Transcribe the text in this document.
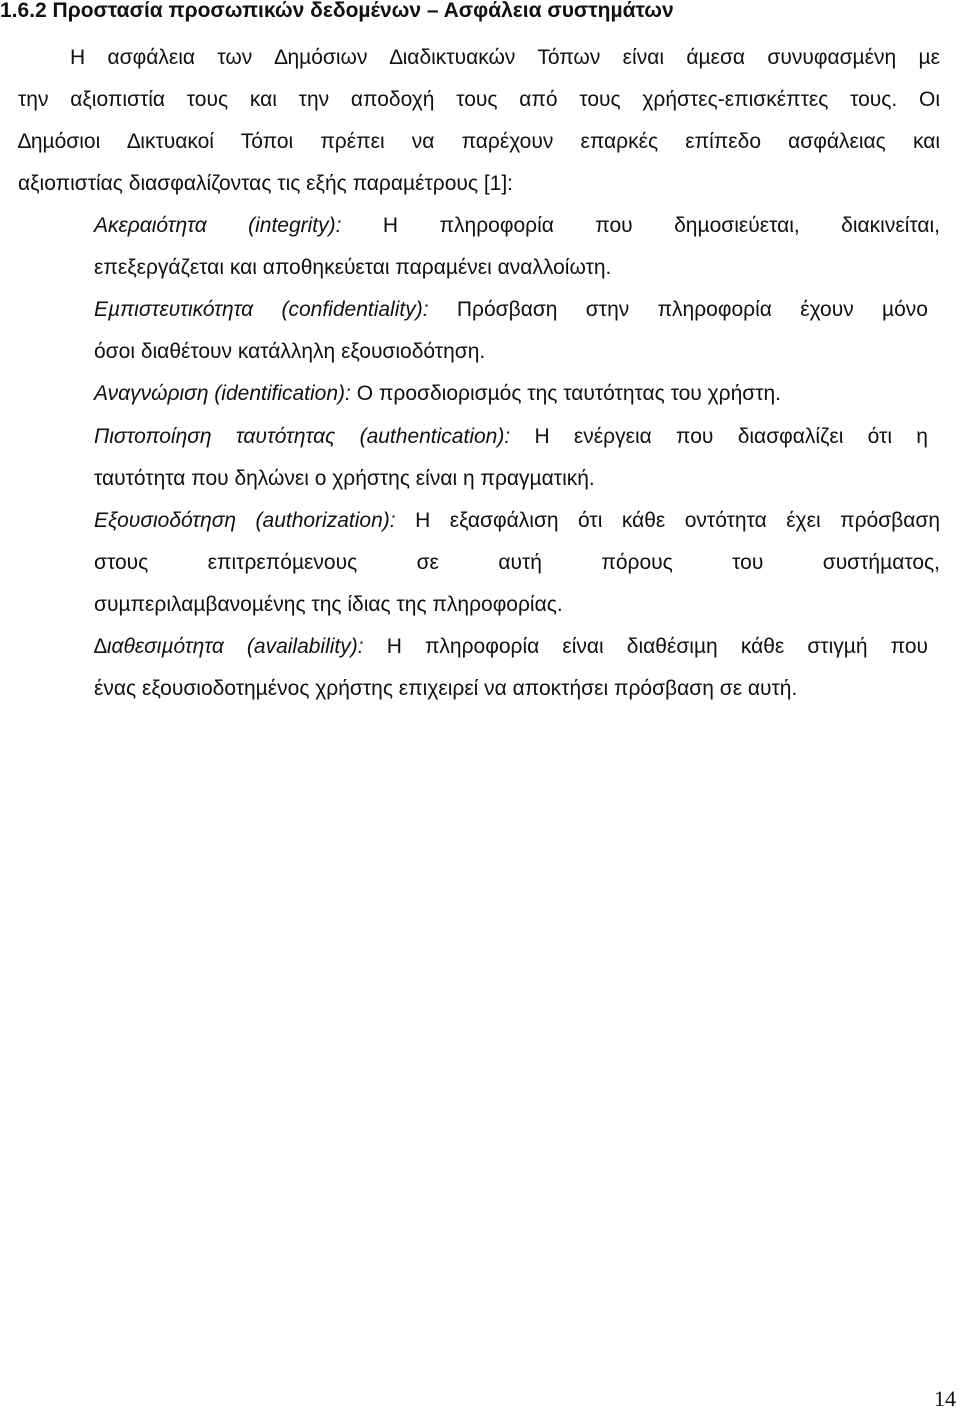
1.6.2 Προστασία προσωπικών δεδοµένων – Ασφάλεια συστηµάτων

Η ασφάλεια των ∆ηµόσιων ∆ιαδικτυακών Τόπων είναι άµεσα συνυφασµένη µε

την αξιοπιστία τους και την αποδοχή τους από τους χρήστες-επισκέπτες τους. Οι

∆ηµόσιοι ∆ικτυακοί Τόποι πρέπει να παρέχουν επαρκές επίπεδο ασφάλειας και

αξιοπιστίας διασφαλίζοντας τις εξής παραµέτρους [1]:

Ακεραιότητα (integrity): Η πληροφορία που δηµοσιεύεται, διακινείται,

επεξεργάζεται και αποθηκεύεται παραµένει αναλλοίωτη.

Εµπιστευτικότητα (confidentiality): Πρόσβαση στην πληροφορία έχουν µόνο

όσοι διαθέτουν κατάλληλη εξουσιοδότηση.

Αναγνώριση (identification): Ο προσδιορισµός της ταυτότητας του χρήστη.

Πιστοποίηση ταυτότητας (authentication): Η ενέργεια που διασφαλίζει ότι η

ταυτότητα που δηλώνει ο χρήστης είναι η πραγµατική.

Εξουσιοδότηση (authorization): Η εξασφάλιση ότι κάθε οντότητα έχει πρόσβαση

στους επιτρεπόµενους σε αυτή πόρους του συστήµατος,

συµπεριλαµβανοµένης της ίδιας της πληροφορίας.

∆ιαθεσιµότητα (availability): Η πληροφορία είναι διαθέσιµη κάθε στιγµή που

ένας εξουσιοδοτηµένος χρήστης επιχειρεί να αποκτήσει πρόσβαση σε αυτή.

14
